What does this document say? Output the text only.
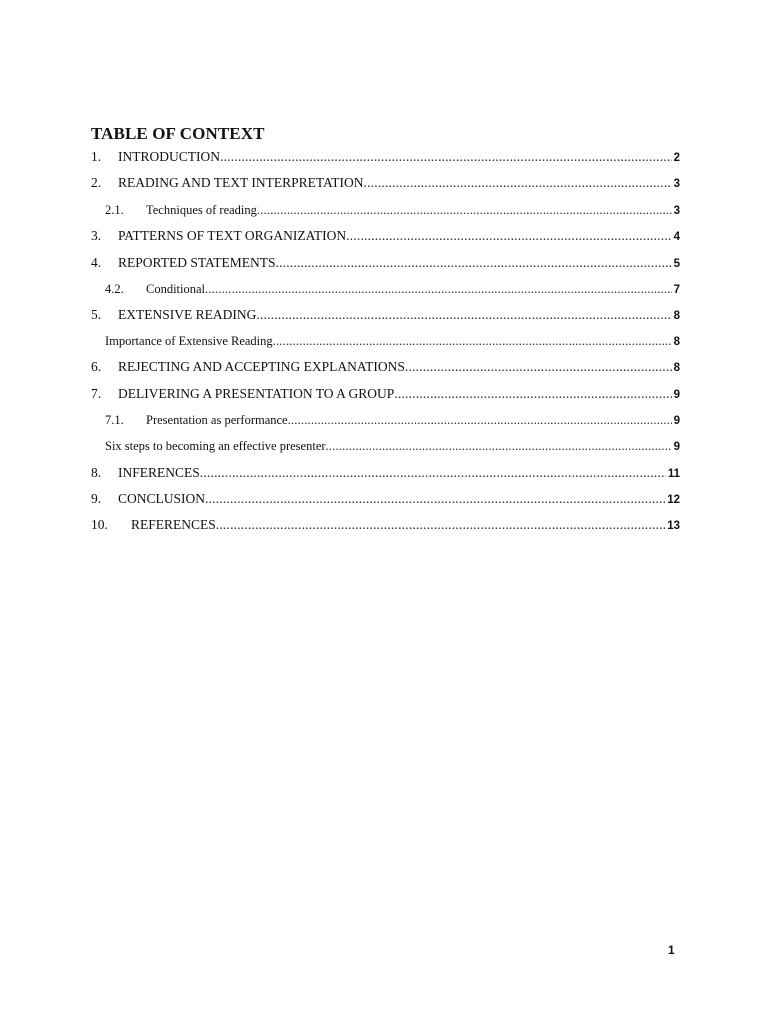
TABLE OF CONTEXT
1.	INTRODUCTION .....	2
2.	READING AND TEXT INTERPRETATION .....	3
2.1.	Techniques of reading .....	3
3.	PATTERNS OF TEXT ORGANIZATION .....	4
4.	REPORTED STATEMENTS .....	5
4.2.	Conditional .....	7
5.	EXTENSIVE READING .....	8
Importance of Extensive Reading .....	8
6.	REJECTING AND ACCEPTING EXPLANATIONS .....	8
7.	DELIVERING A PRESENTATION TO A GROUP .....	9
7.1.	Presentation as performance .....	9
Six steps to becoming an effective presenter .....	9
8.	INFERENCES .....	11
9.	CONCLUSION .....	12
10.	REFERENCES .....	13
1
